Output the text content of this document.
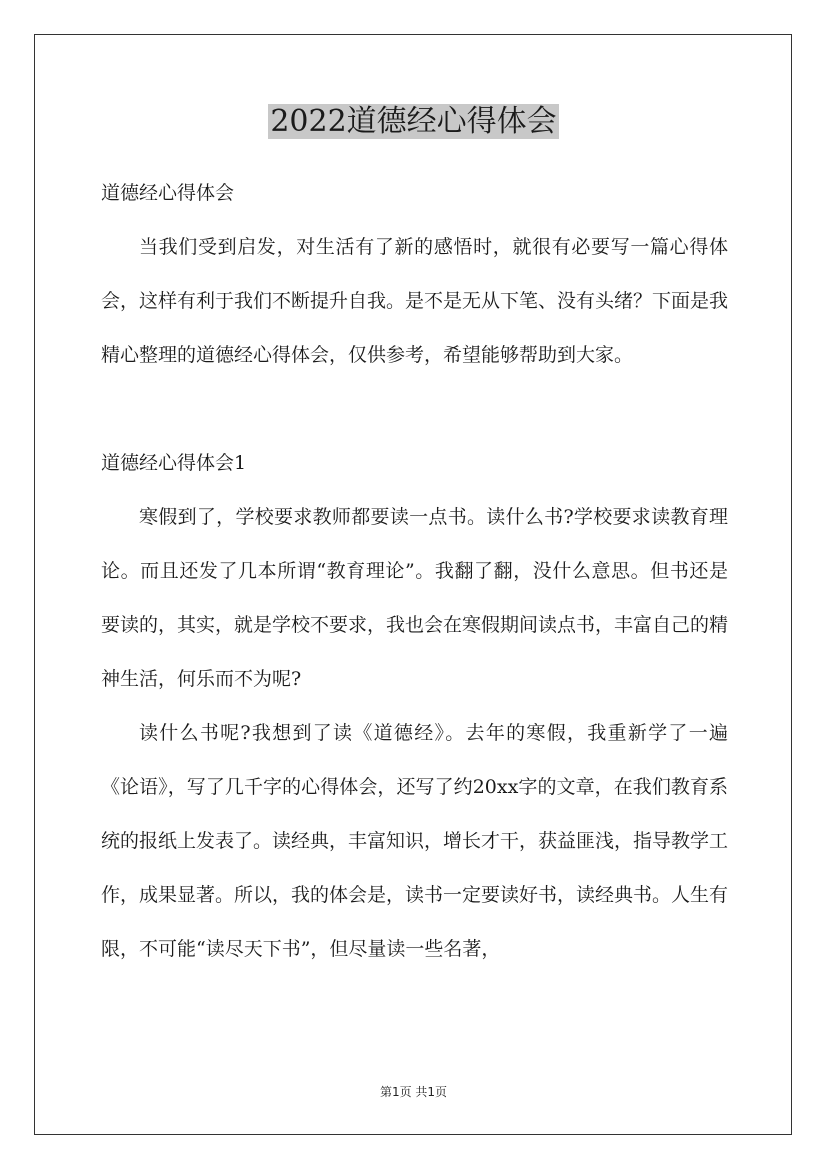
2022道德经心得体会

道德经心得体会

当我们受到启发，对生活有了新的感悟时，就很有必要写一篇心得体会，这样有利于我们不断提升自我。是不是无从下笔、没有头绪？下面是我精心整理的道德经心得体会，仅供参考，希望能够帮助到大家。

道德经心得体会1

寒假到了，学校要求教师都要读一点书。读什么书?学校要求读教育理论。而且还发了几本所谓“教育理论”。我翻了翻，没什么意思。但书还是要读的，其实，就是学校不要求，我也会在寒假期间读点书，丰富自己的精神生活，何乐而不为呢?

读什么书呢?我想到了读《道德经》。去年的寒假，我重新学了一遍《论语》，写了几千字的心得体会，还写了约20xx字的文章，在我们教育系统的报纸上发表了。读经典，丰富知识，增长才干，获益匪浅，指导教学工作，成果显著。所以，我的体会是，读书一定要读好书，读经典书。人生有限，不可能“读尽天下书”，但尽量读一些名著，

第1页 共1页
